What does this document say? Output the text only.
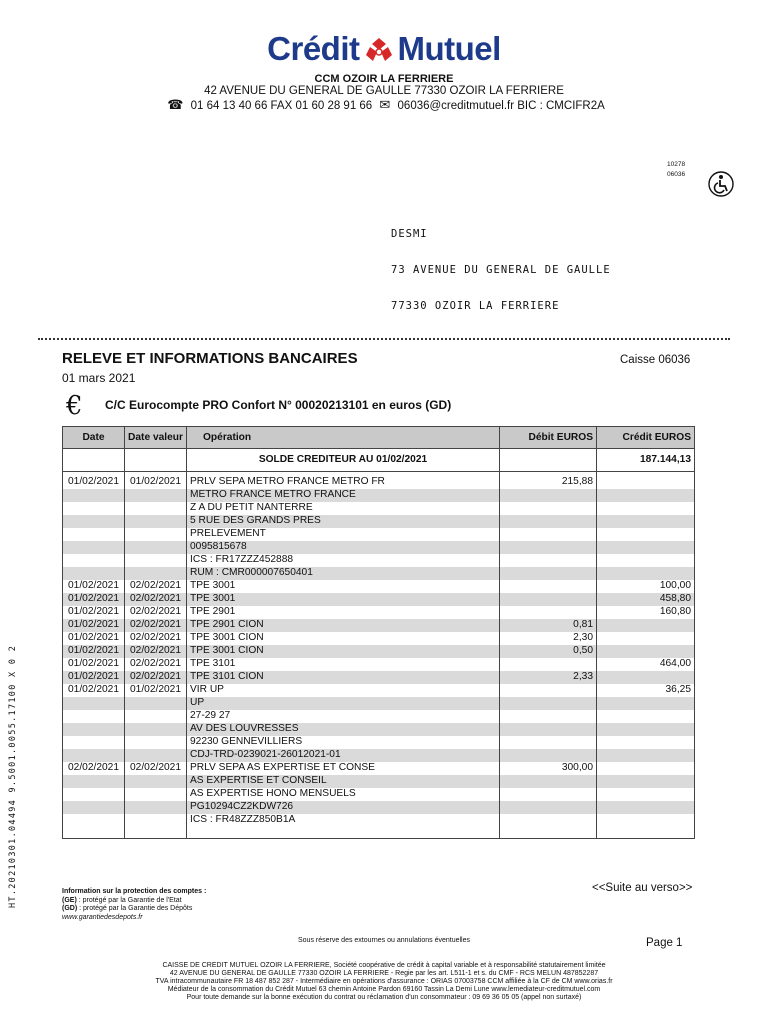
Crédit Mutuel
CCM OZOIR LA FERRIERE
42 AVENUE DU GENERAL DE GAULLE 77330 OZOIR LA FERRIERE
☎ 01 64 13 40 66 FAX 01 60 28 91 66 ✉ 06036@creditmutuel.fr BIC : CMCIFR2A
10278
06036

DESMI

73 AVENUE DU GENERAL DE GAULLE

77330 OZOIR LA FERRIERE

RELEVE ET INFORMATIONS BANCAIRES	Caisse 06036
01 mars 2021
€ C/C Eurocompte PRO Confort N° 00020213101 en euros (GD)
Date	Date valeur	Opération	Débit EUROS	Crédit EUROS
		SOLDE CREDITEUR AU 01/02/2021		187.144,13

01/02/2021	01/02/2021	PRLV SEPA METRO FRANCE METRO FR	215,88	
		METRO FRANCE METRO FRANCE		
		Z A DU PETIT NANTERRE		
		5 RUE DES GRANDS PRES		
		PRELEVEMENT		
		0095815678		
		ICS : FR17ZZZ452888		
		RUM : CMR000007650401		
01/02/2021	02/02/2021	TPE 3001		100,00
01/02/2021	02/02/2021	TPE 3001		458,80
01/02/2021	02/02/2021	TPE 2901		160,80
01/02/2021	02/02/2021	TPE 2901 CION	0,81	
01/02/2021	02/02/2021	TPE 3001 CION	2,30	
01/02/2021	02/02/2021	TPE 3001 CION	0,50	
01/02/2021	02/02/2021	TPE 3101		464,00
01/02/2021	02/02/2021	TPE 3101 CION	2,33	
01/02/2021	01/02/2021	VIR UP		36,25
		UP		
		27-29 27		
		AV DES LOUVRESSES		
		92230 GENNEVILLIERS		
		CDJ-TRD-0239021-26012021-01		
02/02/2021	02/02/2021	PRLV SEPA AS EXPERTISE ET CONSE	300,00	
		AS EXPERTISE ET CONSEIL		
		AS EXPERTISE HONO MENSUELS		
		PG10294CZ2KDW726		
		ICS : FR48ZZZ850B1A		

<<Suite au verso>>
Information sur la protection des comptes :
(GE) : protégé par la Garantie de l'Etat
(GD) : protégé par la Garantie des Dépôts
www.garantiedesdepots.fr
HT.20210301.04494 9.5001.0055.17100 X 0 2
Sous réserve des extournes ou annulations éventuelles	Page 1
CAISSE DE CREDIT MUTUEL OZOIR LA FERRIERE, Société coopérative de crédit à capital variable et à responsabilité statutairement limitée
42 AVENUE DU GENERAL DE GAULLE 77330 OZOIR LA FERRIERE - Regie par les art. L511-1 et s. du CMF - RCS MELUN 487852287
TVA intracommunautaire FR 18 487 852 287 - Intermédiaire en opérations d'assurance : ORIAS 07003758 CCM affiliée à la CF de CM www.orias.fr
Médiateur de la consommation du Crédit Mutuel 63 chemin Antoine Pardon 69160 Tassin La Demi Lune www.lemediateur-creditmutuel.com
Pour toute demande sur la bonne exécution du contrat ou réclamation d'un consommateur : 09 69 36 05 05 (appel non surtaxé)
